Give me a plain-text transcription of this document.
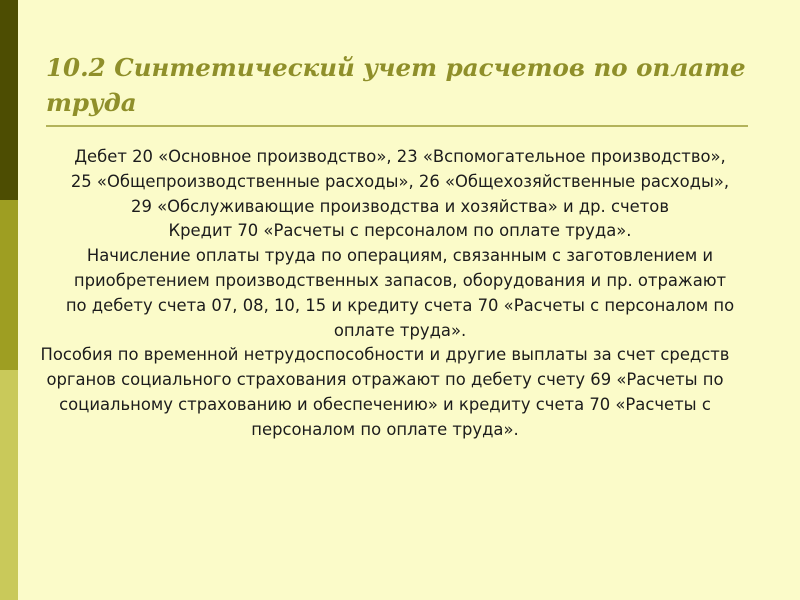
10.2 Синтетический учет расчетов по оплате труда

Дебет 20 «Основное производство», 23 «Вспомогательное производство», 25 «Общепроизводственные расходы», 26 «Общехозяйственные расходы», 29 «Обслуживающие производства и хозяйства» и др. счетов

Кредит 70 «Расчеты с персоналом по оплате труда».

Начисление оплаты труда по операциям, связанным с заготовлением и приобретением производственных запасов, оборудования и пр. отражают по дебету счета 07, 08, 10, 15 и кредиту счета 70 «Расчеты с персоналом по оплате труда».

Пособия по временной нетрудоспособности и другие выплаты за счет средств органов социального страхования отражают по дебету счету 69 «Расчеты по социальному страхованию и обеспечению» и кредиту счета 70 «Расчеты с персоналом по оплате труда».
